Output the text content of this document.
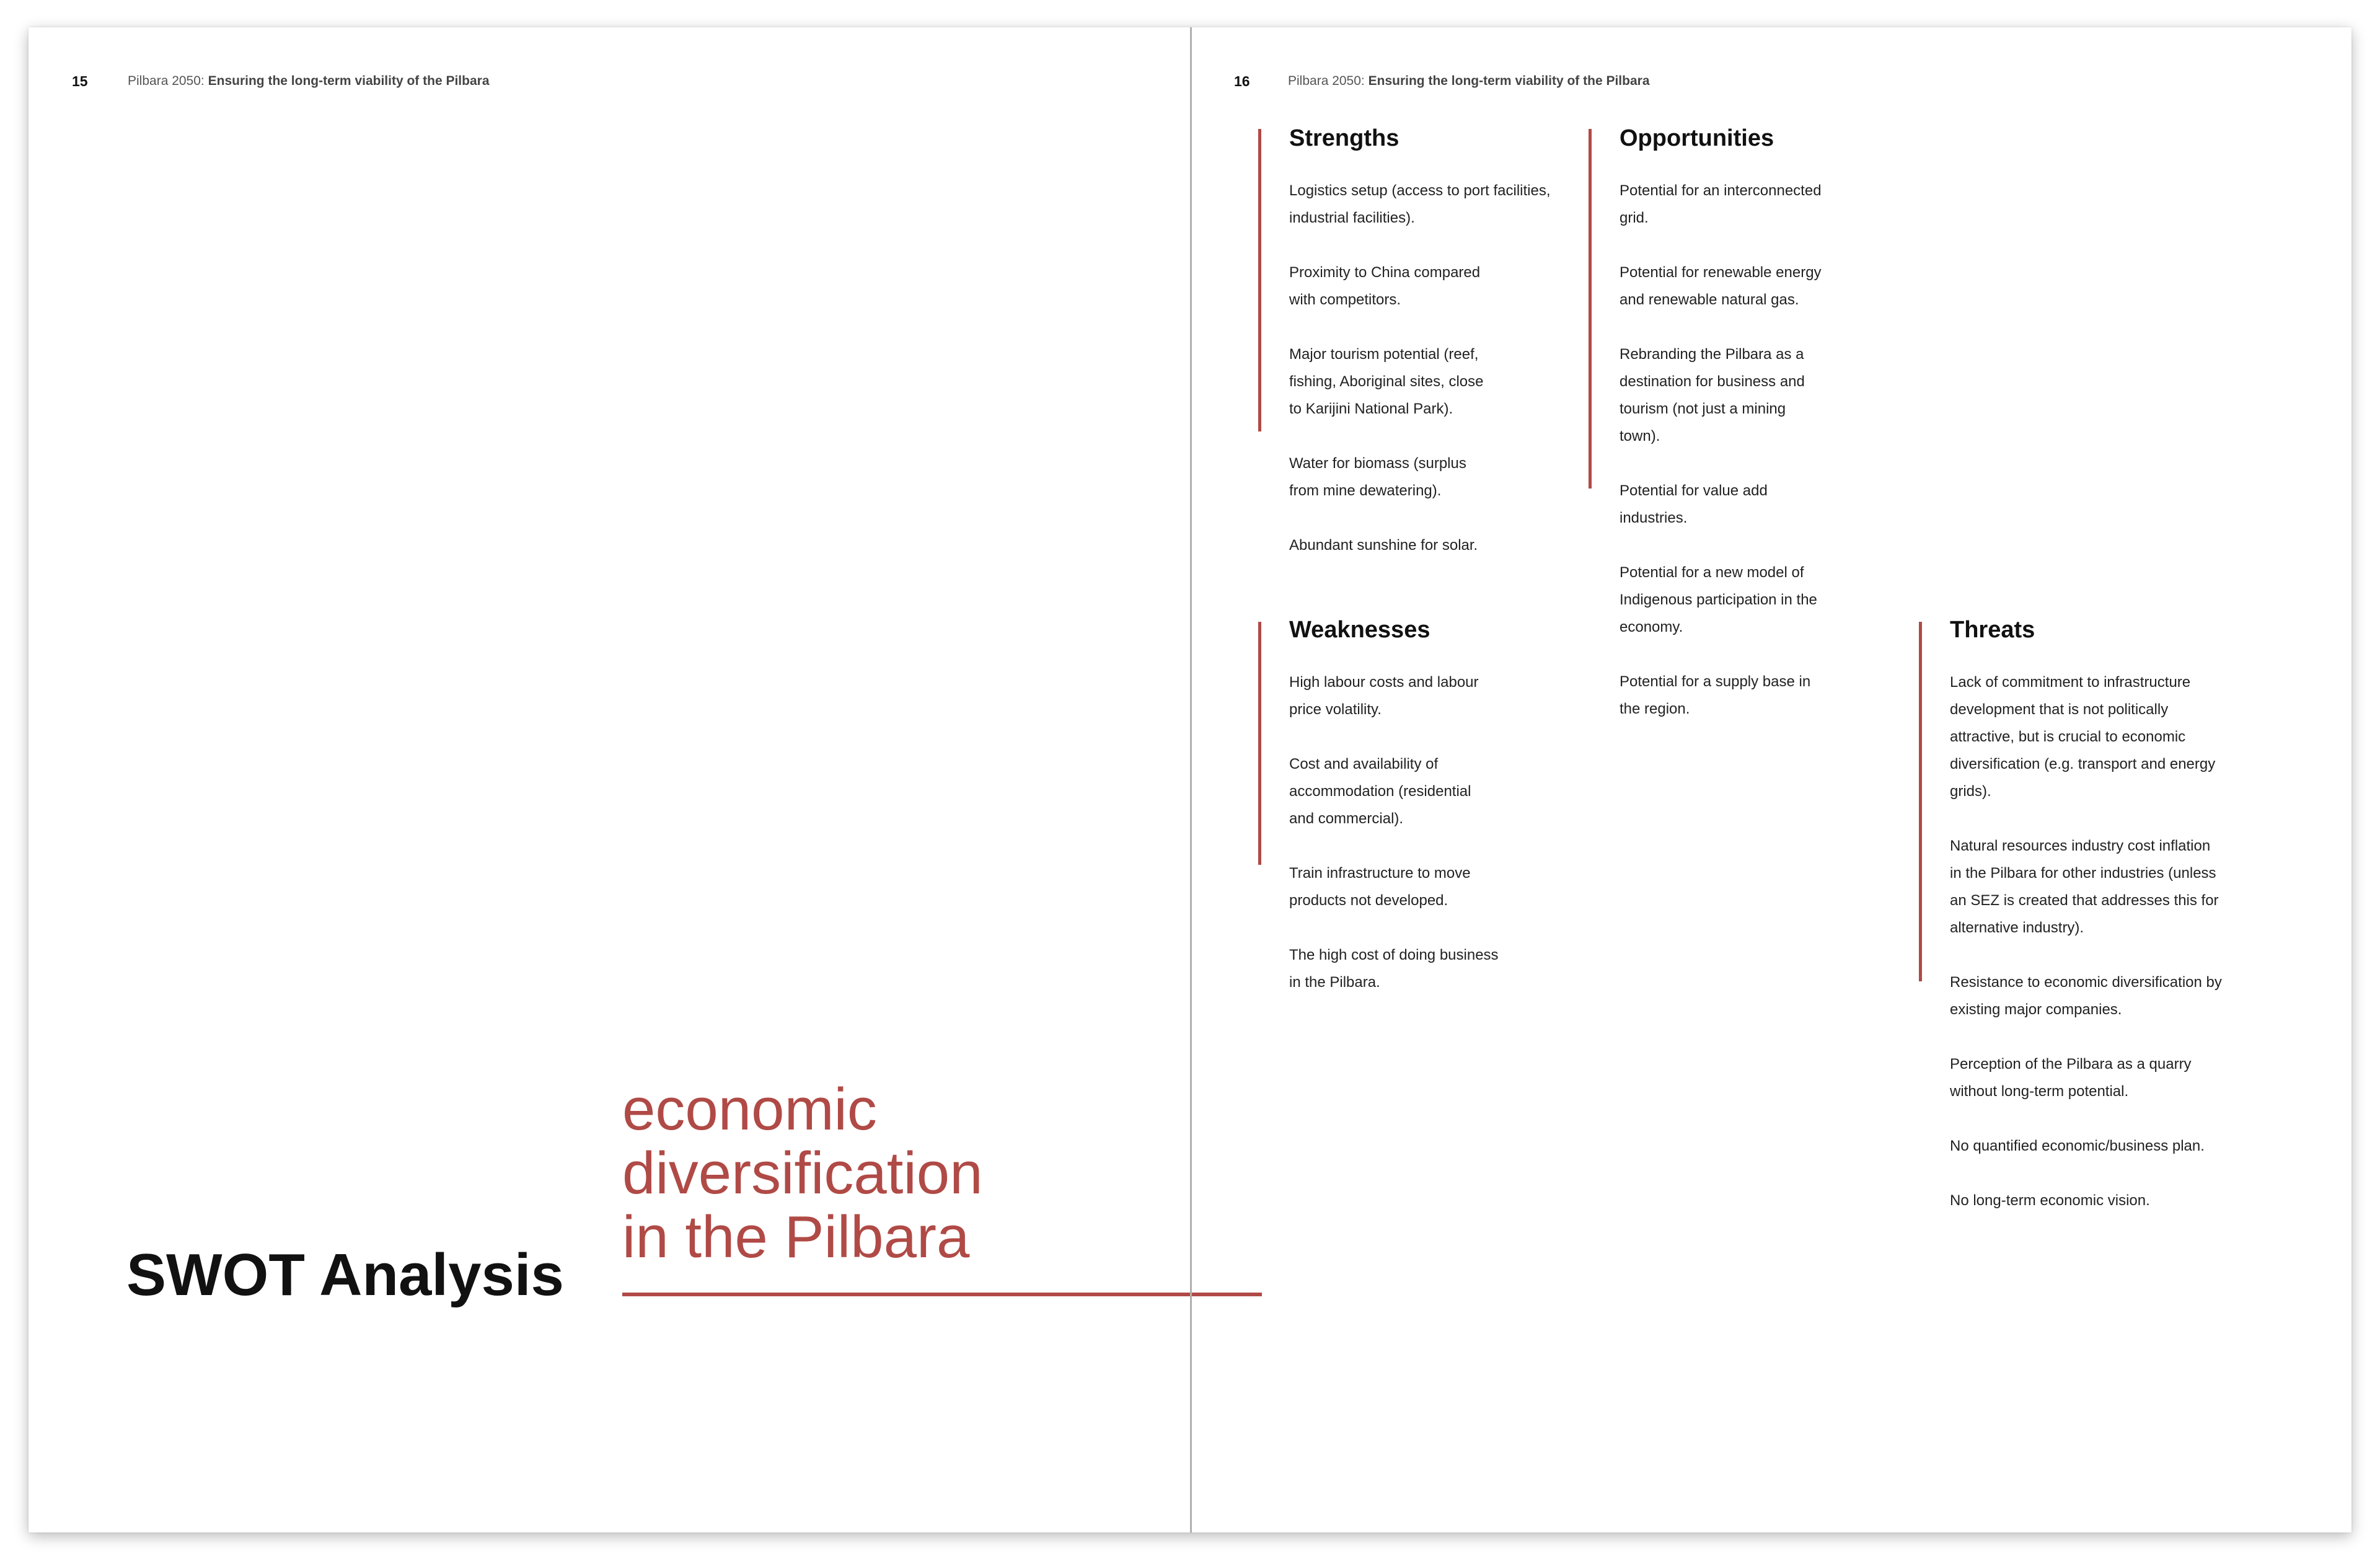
15	Pilbara 2050: Ensuring the long-term viability of the Pilbara
economic
diversification
in the Pilbara
SWOT Analysis
16	Pilbara 2050: Ensuring the long-term viability of the Pilbara
Strengths
Logistics setup (access to port facilities,
industrial facilities).
Proximity to China compared
with competitors.
Major tourism potential (reef,
fishing, Aboriginal sites, close
to Karijini National Park).
Water for biomass (surplus
from mine dewatering).
Abundant sunshine for solar.
Opportunities
Potential for an interconnected
grid.
Potential for renewable energy
and renewable natural gas.
Rebranding the Pilbara as a
destination for business and
tourism (not just a mining
town).
Potential for value add
industries.
Potential for a new model of
Indigenous participation in the
economy.
Potential for a supply base in
the region.
Weaknesses
High labour costs and labour
price volatility.
Cost and availability of
accommodation (residential
and commercial).
Train infrastructure to move
products not developed.
The high cost of doing business
in the Pilbara.
Threats
Lack of commitment to infrastructure
development that is not politically
attractive, but is crucial to economic
diversification (e.g. transport and energy
grids).
Natural resources industry cost inflation
in the Pilbara for other industries (unless
an SEZ is created that addresses this for
alternative industry).
Resistance to economic diversification by
existing major companies.
Perception of the Pilbara as a quarry
without long-term potential.
No quantified economic/business plan.
No long-term economic vision.
